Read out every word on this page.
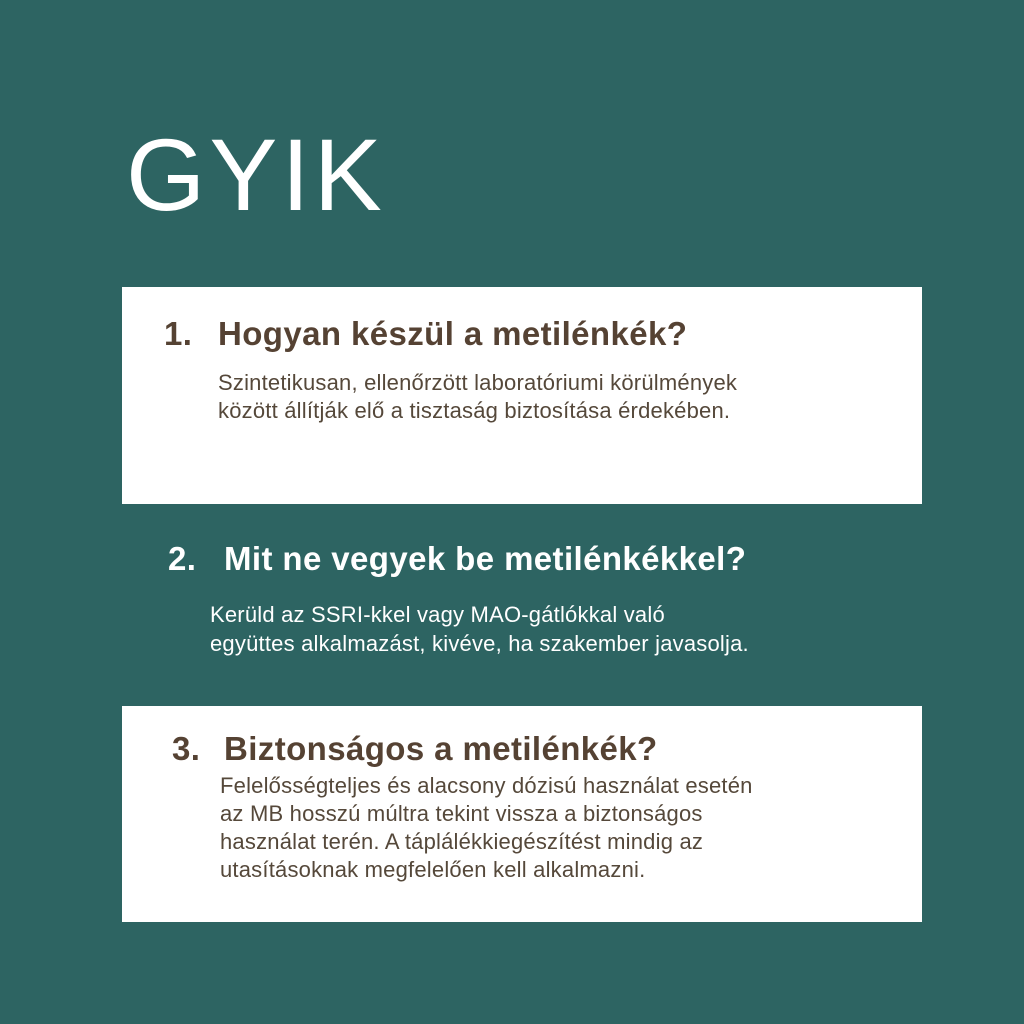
GYIK
1. Hogyan készül a metilénkék?
Szintetikusan, ellenőrzött laboratóriumi körülmények
között állítják elő a tisztaság biztosítása érdekében.
2. Mit ne vegyek be metilénkékkel?
Kerüld az SSRI-kkel vagy MAO-gátlókkal való
együttes alkalmazást, kivéve, ha szakember javasolja.
3. Biztonságos a metilénkék?
Felelősségteljes és alacsony dózisú használat esetén
az MB hosszú múltra tekint vissza a biztonságos
használat terén. A táplálékkiegészítést mindig az
utasításoknak megfelelően kell alkalmazni.
